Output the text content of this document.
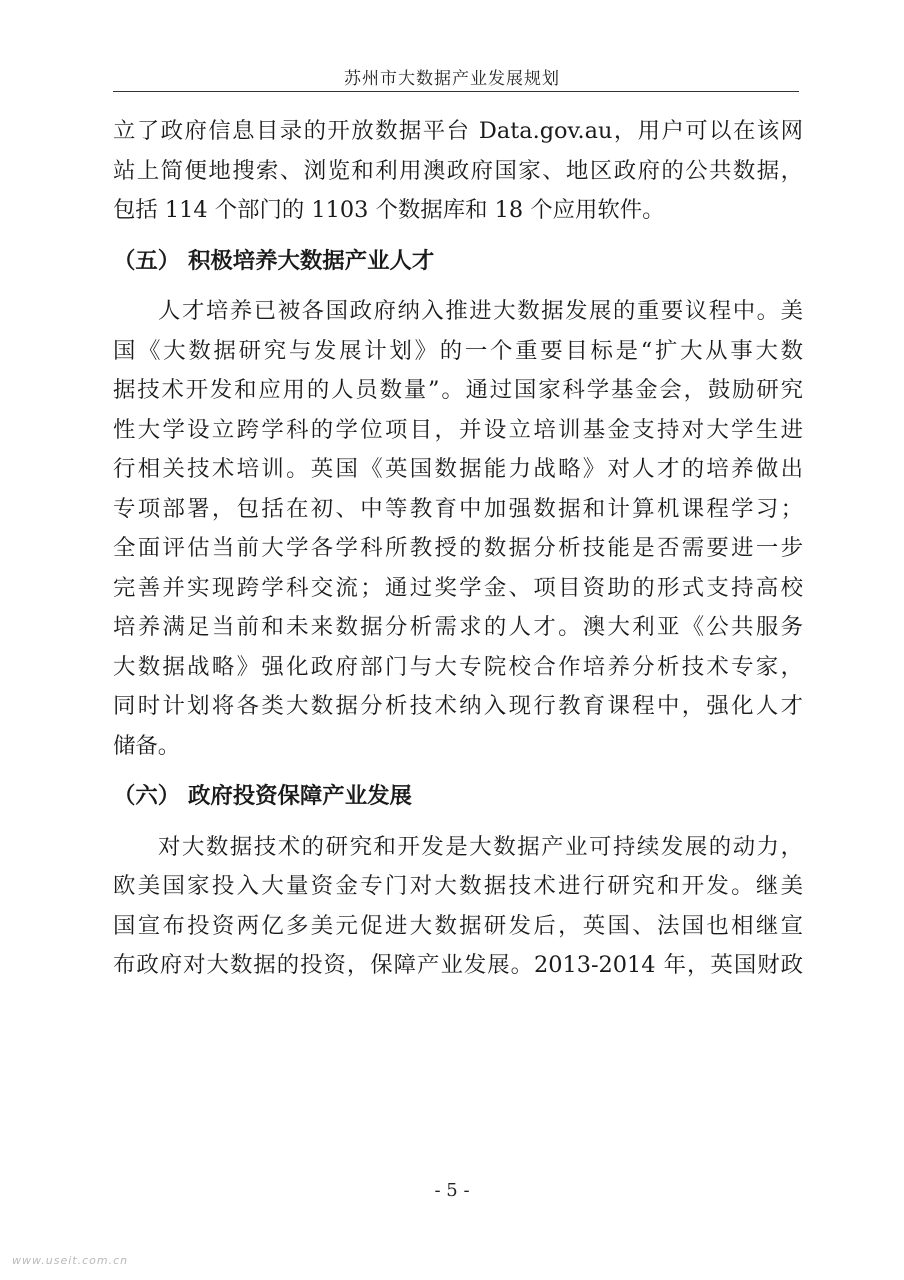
苏州市大数据产业发展规划
立了政府信息目录的开放数据平台 Data.gov.au，用户可以在该网
站上简便地搜索、浏览和利用澳政府国家、地区政府的公共数据，
包括 114 个部门的 1103 个数据库和 18 个应用软件。
（五） 积极培养大数据产业人才
人才培养已被各国政府纳入推进大数据发展的重要议程中。美
国《大数据研究与发展计划》的一个重要目标是“扩大从事大数
据技术开发和应用的人员数量”。通过国家科学基金会，鼓励研究
性大学设立跨学科的学位项目，并设立培训基金支持对大学生进
行相关技术培训。英国《英国数据能力战略》对人才的培养做出
专项部署，包括在初、中等教育中加强数据和计算机课程学习；
全面评估当前大学各学科所教授的数据分析技能是否需要进一步
完善并实现跨学科交流；通过奖学金、项目资助的形式支持高校
培养满足当前和未来数据分析需求的人才。澳大利亚《公共服务
大数据战略》强化政府部门与大专院校合作培养分析技术专家，
同时计划将各类大数据分析技术纳入现行教育课程中，强化人才
储备。
（六） 政府投资保障产业发展
对大数据技术的研究和开发是大数据产业可持续发展的动力，
欧美国家投入大量资金专门对大数据技术进行研究和开发。继美
国宣布投资两亿多美元促进大数据研发后，英国、法国也相继宣
布政府对大数据的投资，保障产业发展。2013-2014 年，英国财政
- 5 -
www.useit.com.cn
